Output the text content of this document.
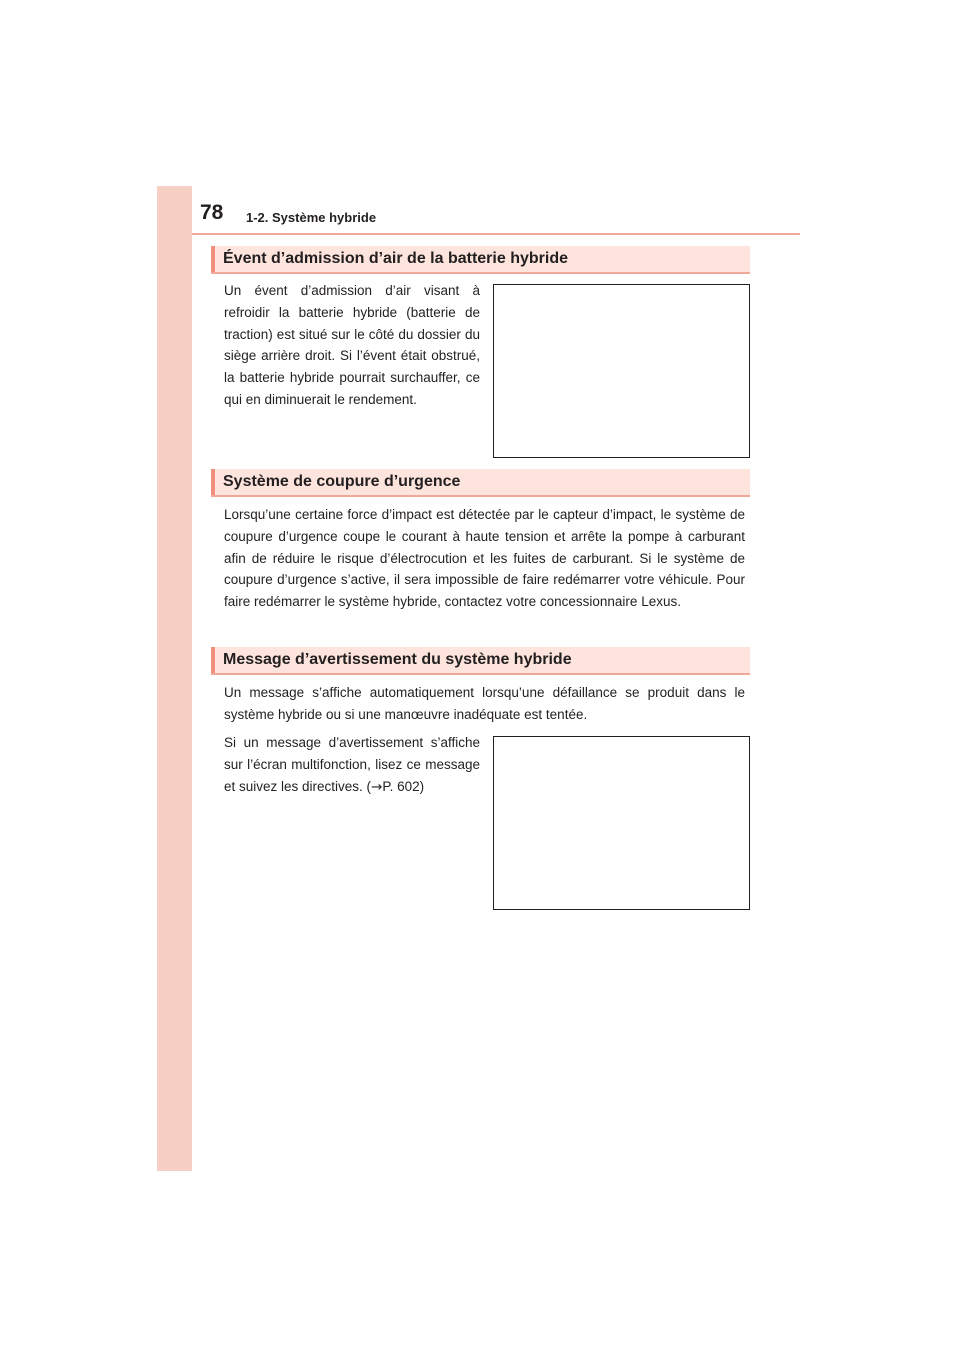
78 1-2. Système hybride
Évent d’admission d’air de la batterie hybride
Un évent d’admission d’air visant à refroidir la batterie hybride (batterie de traction) est situé sur le côté du dossier du siège arrière droit. Si l’évent était obstrué, la batterie hybride pourrait surchauffer, ce qui en diminuerait le rendement.
Système de coupure d’urgence
Lorsqu’une certaine force d’impact est détectée par le capteur d’impact, le système de coupure d’urgence coupe le courant à haute tension et arrête la pompe à carburant afin de réduire le risque d’électrocution et les fuites de carburant. Si le système de coupure d’urgence s’active, il sera impossible de faire redémarrer votre véhicule. Pour faire redémarrer le système hybride, contactez votre concessionnaire Lexus.
Message d’avertissement du système hybride
Un message s’affiche automatiquement lorsqu’une défaillance se produit dans le système hybride ou si une manœuvre inadéquate est tentée.
Si un message d’avertissement s’affiche sur l’écran multifonction, lisez ce message et suivez les directives. (→P. 602)
